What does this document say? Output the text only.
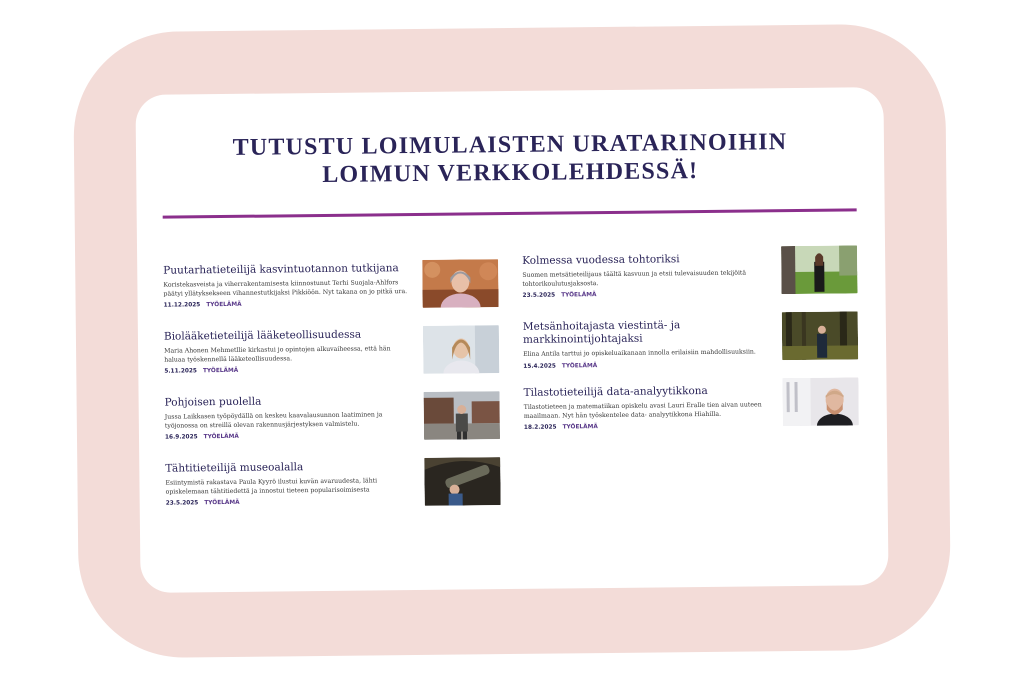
TUTUSTU LOIMULAISTEN URATARINOIHIN
LOIMUN VERKKOLEHDESSÄ!
Puutarhatieteilijä kasvintuotannon tutkijana
Koristekasveista ja viherrakentamisesta kiinnostunut Terhi Suojala-Ahlfors päätyi yllätyksekseen vihannestutkijaksi Pikkiöön. Nyt takana on jo pitkä ura.
11.12.2025 TYÖELÄMÄ
Biolääketieteilijä lääketeollisuudessa
Maria Ahonen Mehmetllie kirkastui jo opintojen alkuvaiheessa, että hän haluaa työskennellä lääketeollisuudessa.
5.11.2025 TYÖELÄMÄ
Pohjoisen puolella
Jussa Laikkasen työpöydällä on keskeu kaavalausunnon laatiminen ja työjonossa on streillä olevan rakennusjärjestyksen valmistelu.
16.9.2025 TYÖELÄMÄ
Tähtitieteilijä museoalalla
Esiintymistä rakastava Paula Kyyrö ilustui kuvän avaruudesta, lähti opiskelemaan tähtitiedettä ja innostui tieteen popularisoimisesta
23.5.2025 TYÖELÄMÄ
Kolmessa vuodessa tohtoriksi
Suomen metsätieteilijaus täältä kasvuun ja etsii tulevaisuuden tekijöitä tohtorikoulutusjaksosta.
23.5.2025 TYÖELÄMÄ
Metsänhoitajasta viestintä- ja markkinointijohtajaksi
Elina Antila tarttui jo opiskeluaikanaan innolla erilaisiin mahdollisuuksiin.
15.4.2025 TYÖELÄMÄ
Tilastotieteilijä data-analyytikkona
Tilastotieteen ja matematiikan opiskelu avasi Lauri Eralle tien aivan uuteen maailmaan. Nyt hän työskentelee data- analyytikkona Hiahilla.
18.2.2025 TYÖELÄMÄ
